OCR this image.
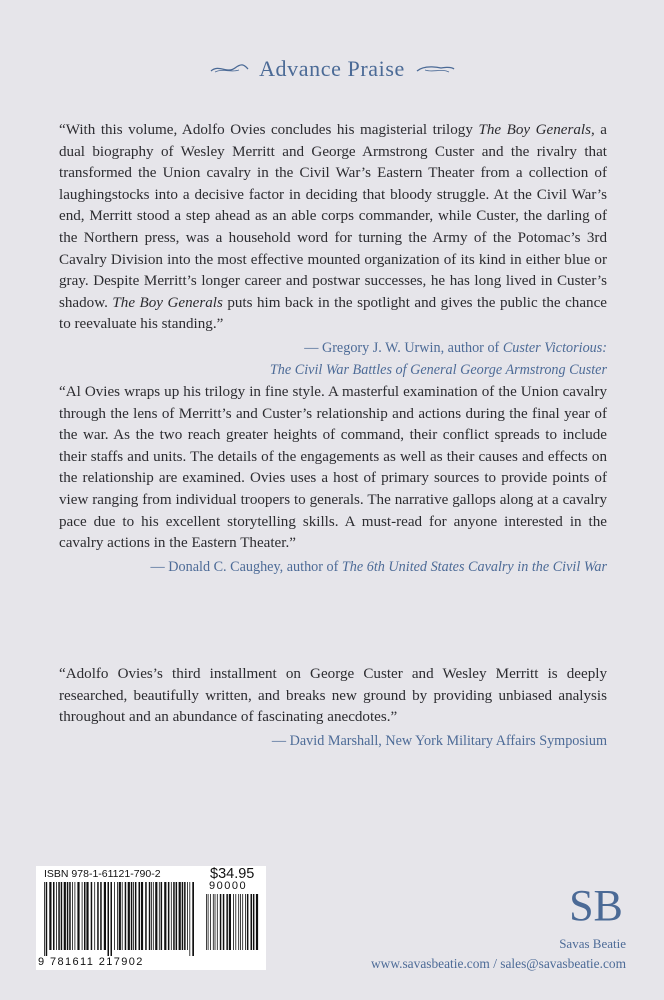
Advance Praise

“With this volume, Adolfo Ovies concludes his magisterial trilogy The Boy Generals, a dual biography of Wesley Merritt and George Armstrong Custer and the rivalry that transformed the Union cavalry in the Civil War’s Eastern Theater from a collection of laughingstocks into a decisive factor in deciding that bloody struggle. At the Civil War’s end, Merritt stood a step ahead as an able corps commander, while Custer, the darling of the Northern press, was a household word for turning the Army of the Potomac’s 3rd Cavalry Division into the most effective mounted organization of its kind in either blue or gray. Despite Merritt’s longer career and postwar successes, he has long lived in Custer’s shadow. The Boy Generals puts him back in the spotlight and gives the public the chance to reevaluate his standing.”

— Gregory J. W. Urwin, author of Custer Victorious:
The Civil War Battles of General George Armstrong Custer

“Al Ovies wraps up his trilogy in fine style. A masterful examination of the Union cavalry through the lens of Merritt’s and Custer’s relationship and actions during the final year of the war. As the two reach greater heights of command, their conflict spreads to include their staffs and units. The details of the engagements as well as their causes and effects on the relationship are examined. Ovies uses a host of primary sources to provide points of view ranging from individual troopers to generals. The narrative gallops along at a cavalry pace due to his excellent storytelling skills. A must-read for anyone interested in the cavalry actions in the Eastern Theater.”

— Donald C. Caughey, author of The 6th United States Cavalry in the Civil War

“Adolfo Ovies’s third installment on George Custer and Wesley Merritt is deeply researched, beautifully written, and breaks new ground by providing unbiased analysis throughout and an abundance of fascinating anecdotes.”

— David Marshall, New York Military Affairs Symposium
ISBN 978-1-61121-790-2	$34.95
90000
9 781611 217902
SB
Savas Beatie
www.savasbeatie.com / sales@savasbeatie.com
